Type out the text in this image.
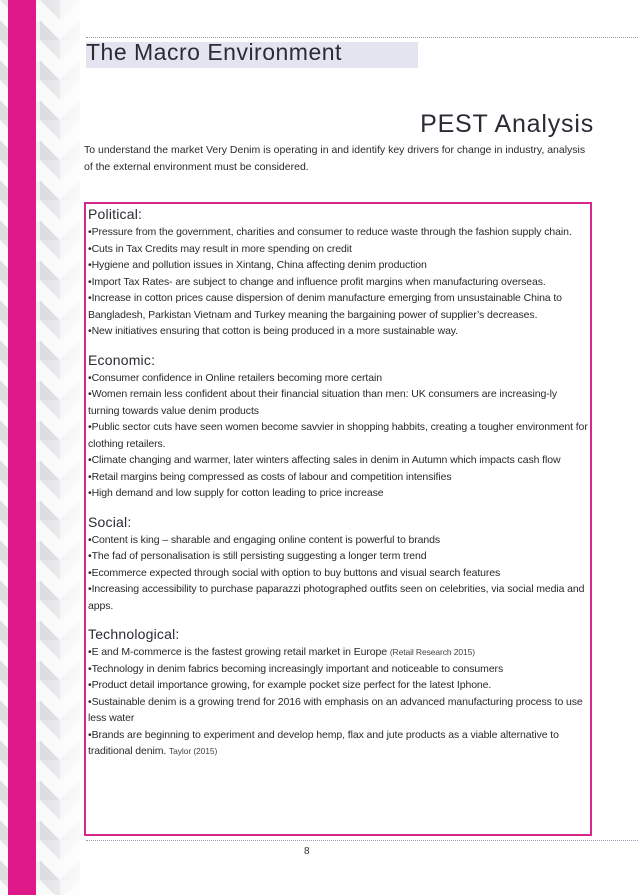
The Macro Environment
PEST Analysis
To understand the market Very Denim is operating in and identify key drivers for change in industry, analysis of the external environment must be considered.
Political:

•Pressure from the government, charities and consumer to reduce waste through the fashion supply chain.

•Cuts in Tax Credits may result in more spending on credit

•Hygiene and pollution issues in Xintang, China affecting denim production

•Import Tax Rates- are subject to change and influence profit margins when manufacturing overseas.

•Increase in cotton prices cause dispersion of denim manufacture emerging from unsustainable China to Bangladesh, Parkistan Vietnam and Turkey meaning the bargaining power of supplier’s decreases.

•New initiatives ensuring that cotton is being produced in a more sustainable way.

Economic:

•Consumer confidence in Online retailers becoming more certain

•Women remain less confident about their financial situation than men: UK consumers are increasing-ly turning towards value denim products

•Public sector cuts have seen women become savvier in shopping habbits, creating a tougher environment for clothing retailers.

•Climate changing and warmer, later winters affecting sales in denim in Autumn which impacts cash flow

•Retail margins being compressed as costs of labour and competition intensifies

•High demand and low supply for cotton leading to price increase

Social:

•Content is king – sharable and engaging online content is powerful to brands

•The fad of personalisation is still persisting suggesting a longer term trend

•Ecommerce expected through social with option to buy buttons and visual search features

•Increasing accessibility to purchase paparazzi photographed outfits seen on celebrities, via social media and apps.

Technological:

•E and M-commerce is the fastest growing retail market in Europe (Retail Research 2015)

•Technology in denim fabrics becoming increasingly important and noticeable to consumers

•Product detail importance growing, for example pocket size perfect for the latest Iphone.

•Sustainable denim is a growing trend for 2016 with emphasis on an advanced manufacturing process to use less water

•Brands are beginning to experiment and develop hemp, flax and jute products as a viable alternative to traditional denim. Taylor (2015)

8
